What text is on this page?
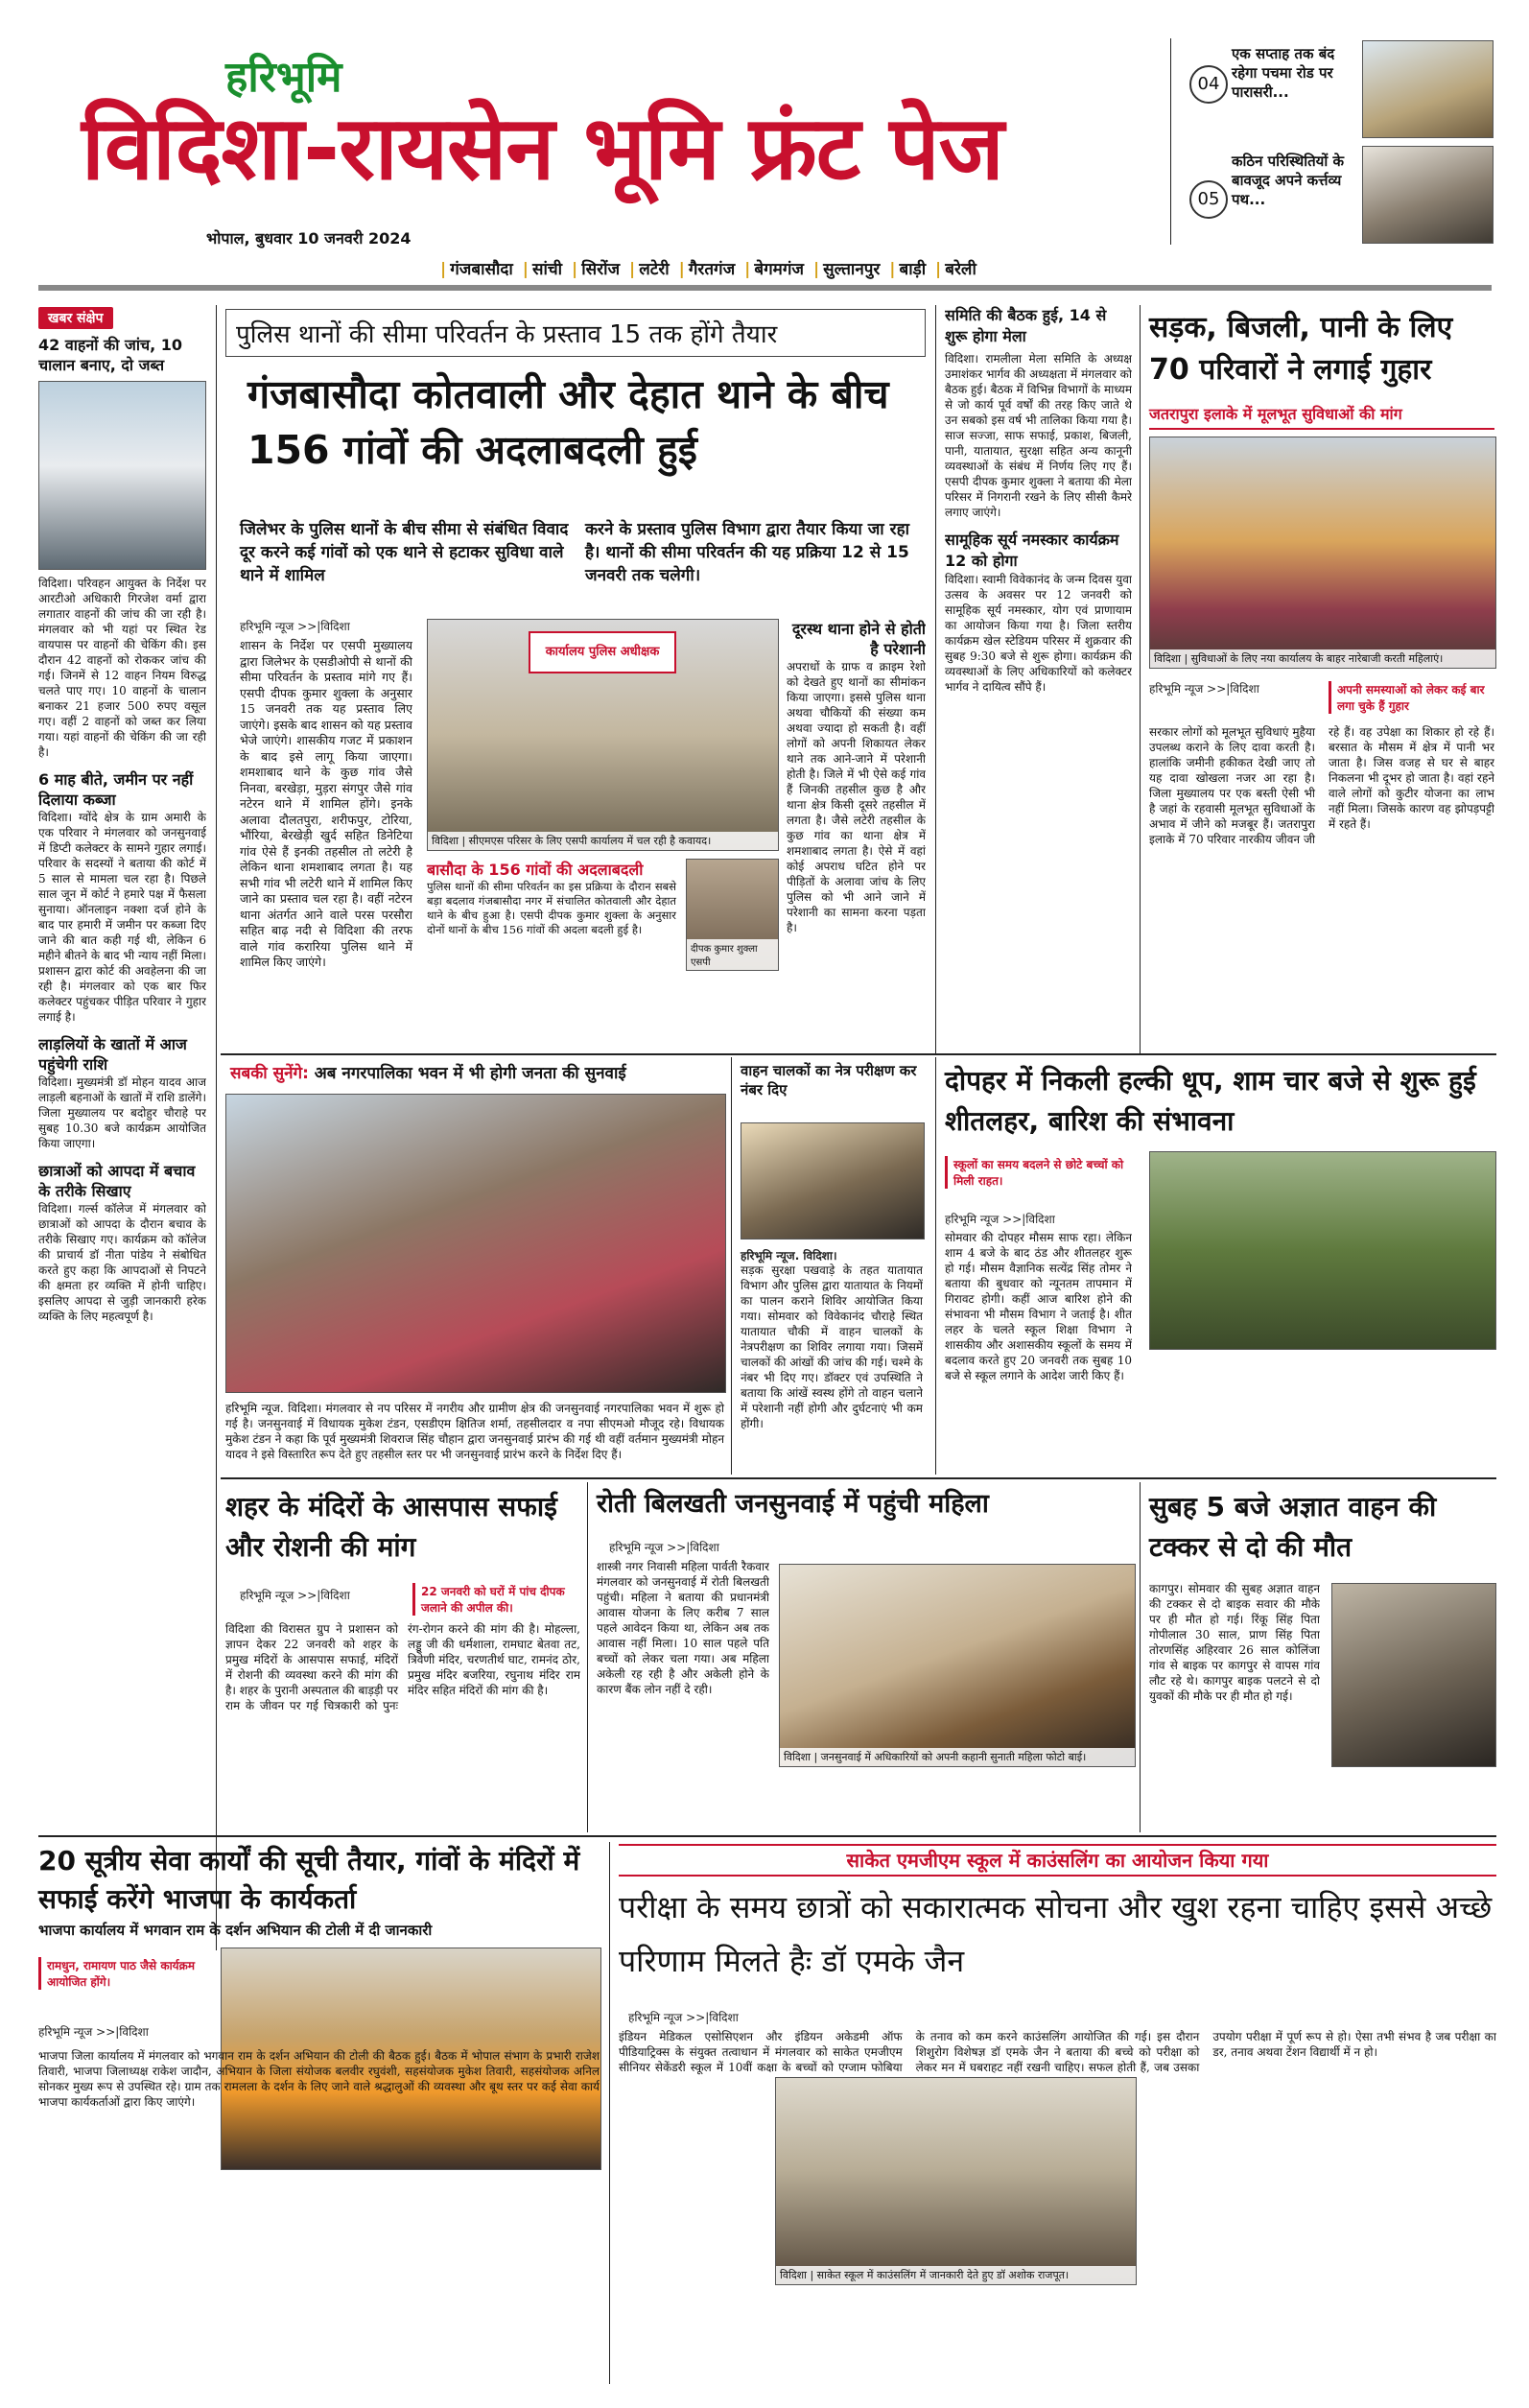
हरिभूमि
विदिशा-रायसेन भूमि फ्रंट पेज
भोपाल, बुधवार 10 जनवरी 2024
| गंजबासौदा | सांची | सिरोंज | लटेरी | गैरतगंज | बेगमगंज | सुल्तानपुर | बाड़ी | बरेली
04
एक सप्ताह तक बंद रहेगा पचमा रोड पर पारासरी...
05
कठिन परिस्थितियों के बावजूद अपने कर्त्तव्य पथ...
खबर संक्षेप
42 वाहनों की जांच, 10 चालान बनाए, दो जब्त
विदिशा। परिवहन आयुक्त के निर्देश पर आरटीओ अधिकारी गिरजेश वर्मा द्वारा लगातार वाहनों की जांच की जा रही है। मंगलवार को भी यहां पर स्थित रेड वायपास पर वाहनों की चेकिंग की। इस दौरान 42 वाहनों को रोककर जांच की गई। जिनमें से 12 वाहन नियम विरुद्ध चलते पाए गए। 10 वाहनों के चालान बनाकर 21 हजार 500 रुपए वसूल गए। वहीं 2 वाहनों को जब्त कर लिया गया। यहां वाहनों की चेकिंग की जा रही है।
6 माह बीते, जमीन पर नहीं दिलाया कब्जा
विदिशा। ग्वोंदे क्षेत्र के ग्राम अमारी के एक परिवार ने मंगलवार को जनसुनवाई में डिप्टी कलेक्टर के सामने गुहार लगाई। परिवार के सदस्यों ने बताया की कोर्ट में 5 साल से मामला चल रहा है। पिछले साल जून में कोर्ट ने हमारे पक्ष में फैसला सुनाया। ऑनलाइन नक्शा दर्ज होने के बाद पार हमारी में जमीन पर कब्जा दिए जाने की बात कही गई थी, लेकिन 6 महीने बीतने के बाद भी न्याय नहीं मिला। प्रशासन द्वारा कोर्ट की अवहेलना की जा रही है। मंगलवार को एक बार फिर कलेक्टर पहुंचकर पीड़ित परिवार ने गुहार लगाई है।
लाड़लियों के खातों में आज पहुंचेगी राशि
विदिशा। मुख्यमंत्री डॉ मोहन यादव आज लाड़ली बहनाओं के खातों में राशि डालेंगे। जिला मुख्यालय पर बदोहुर चौराहे पर सुबह 10.30 बजे कार्यक्रम आयोजित किया जाएगा।
छात्राओं को आपदा में बचाव के तरीके सिखाए
विदिशा। गर्ल्स कॉलेज में मंगलवार को छात्राओं को आपदा के दौरान बचाव के तरीके सिखाए गए। कार्यक्रम को कॉलेज की प्राचार्य डॉ नीता पांडेय ने संबोधित करते हुए कहा कि आपदाओं से निपटने की क्षमता हर व्यक्ति में होनी चाहिए। इसलिए आपदा से जुड़ी जानकारी हरेक व्यक्ति के लिए महत्वपूर्ण है।
पुलिस थानों की सीमा परिवर्तन के प्रस्ताव 15 तक होंगे तैयार
गंजबासौदा कोतवाली और देहात थाने के बीच 156 गांवों की अदलाबदली हुई
जिलेभर के पुलिस थानों के बीच सीमा से संबंधित विवाद दूर करने कई गांवों को एक थाने से हटाकर सुविधा वाले थाने में शामिल
करने के प्रस्ताव पुलिस विभाग द्वारा तैयार किया जा रहा है। थानों की सीमा परिवर्तन की यह प्रक्रिया 12 से 15 जनवरी तक चलेगी।
हरिभूमि न्यूज >>|विदिशा
शासन के निर्देश पर एसपी मुख्यालय द्वारा जिलेभर के एसडीओपी से थानों की सीमा परिवर्तन के प्रस्ताव मांगे गए हैं। एसपी दीपक कुमार शुक्ला के अनुसार 15 जनवरी तक यह प्रस्ताव लिए जाएंगे। इसके बाद शासन को यह प्रस्ताव भेजे जाएंगे। शासकीय गजट में प्रकाशन के बाद इसे लागू किया जाएगा। शमशाबाद थाने के कुछ गांव जैसे निनवा, बरखेड़ा, मुड़रा संगपुर जैसे गांव नटेरन थाने में शामिल होंगे। इनके अलावा दौलतपुरा, शरीफपुर, टोरिया, भौंरिया, बेरखेड़ी खुर्द सहित डिनेटिया गांव ऐसे हैं इनकी तहसील तो लटेरी है लेकिन थाना शमशाबाद लगता है। यह सभी गांव भी लटेरी थाने में शामिल किए जाने का प्रस्ताव चल रहा है। वहीं नटेरन थाना अंतर्गत आने वाले परस परसौरा सहित बाढ़ नदी से विदिशा की तरफ वाले गांव करारिया पुलिस थाने में शामिल किए जाएंगे।
कार्यालय पुलिस अधीक्षक
विदिशा | सीएमएस परिसर के लिए एसपी कार्यालय में चल रही है कवायद।
बासौदा के 156 गांवों की अदलाबदली
पुलिस थानों की सीमा परिवर्तन का इस प्रक्रिया के दौरान सबसे बड़ा बदलाव गंजबासौदा नगर में संचालित कोतवाली और देहात थाने के बीच हुआ है। एसपी दीपक कुमार शुक्ला के अनुसार दोनों थानों के बीच 156 गांवों की अदला बदली हुई है।
दीपक कुमार शुक्ला एसपी
दूरस्थ थाना होने से होती है परेशानी
अपराधों के ग्राफ व क्राइम रेशो को देखते हुए थानों का सीमांकन किया जाएगा। इससे पुलिस थाना अथवा चौकियों की संख्या कम अथवा ज्यादा हो सकती है। वहीं लोगों को अपनी शिकायत लेकर थाने तक आने-जाने में परेशानी होती है। जिले में भी ऐसे कई गांव हैं जिनकी तहसील कुछ है और थाना क्षेत्र किसी दूसरे तहसील में लगता है। जैसे लटेरी तहसील के कुछ गांव का थाना क्षेत्र में शमशाबाद लगता है। ऐसे में वहां कोई अपराध घटित होने पर पीड़ितों के अलावा जांच के लिए पुलिस को भी आने जाने में परेशानी का सामना करना पड़ता है।
समिति की बैठक हुई, 14 से शुरू होगा मेला
विदिशा। रामलीला मेला समिति के अध्यक्ष उमाशंकर भार्गव की अध्यक्षता में मंगलवार को बैठक हुई। बैठक में विभिन्न विभागों के माध्यम से जो कार्य पूर्व वर्षों की तरह किए जाते थे उन सबको इस वर्ष भी तालिका किया गया है। साज सज्जा, साफ सफाई, प्रकाश, बिजली, पानी, यातायात, सुरक्षा सहित अन्य कानूनी व्यवस्थाओं के संबंध में निर्णय लिए गए हैं। एसपी दीपक कुमार शुक्ला ने बताया की मेला परिसर में निगरानी रखने के लिए सीसी कैमरे लगाए जाएंगे।
सामूहिक सूर्य नमस्कार कार्यक्रम 12 को होगा
विदिशा। स्वामी विवेकानंद के जन्म दिवस युवा उत्सव के अवसर पर 12 जनवरी को सामूहिक सूर्य नमस्कार, योग एवं प्राणायाम का आयोजन किया गया है। जिला स्तरीय कार्यक्रम खेल स्टेडियम परिसर में शुक्रवार की सुबह 9:30 बजे से शुरू होगा। कार्यक्रम की व्यवस्थाओं के लिए अधिकारियों को कलेक्टर भार्गव ने दायित्व सौंपे हैं।
सड़क, बिजली, पानी के लिए 70 परिवारों ने लगाई गुहार
जतरापुरा इलाके में मूलभूत सुविधाओं की मांग
विदिशा | सुविधाओं के लिए नया कार्यालय के बाहर नारेबाजी करती महिलाएं।
हरिभूमि न्यूज >>|विदिशा	अपनी समस्याओं को लेकर कई बार लगा चुके हैं गुहार
सरकार लोगों को मूलभूत सुविधाएं मुहैया उपलब्ध कराने के लिए दावा करती है। हालांकि जमीनी हकीकत देखी जाए तो यह दावा खोखला नजर आ रहा है। जिला मुख्यालय पर एक बस्ती ऐसी भी है जहां के रहवासी मूलभूत सुविधाओं के अभाव में जीने को मजबूर हैं। जतरापुरा इलाके में 70 परिवार नारकीय जीवन जी रहे हैं। वह उपेक्षा का शिकार हो रहे हैं। बरसात के मौसम में क्षेत्र में पानी भर जाता है। जिस वजह से घर से बाहर निकलना भी दूभर हो जाता है। वहां रहने वाले लोगों को कुटीर योजना का लाभ नहीं मिला। जिसके कारण वह झोपड़पट्टी में रहते हैं।
सबकी सुनेंगे: अब नगरपालिका भवन में भी होगी जनता की सुनवाई
हरिभूमि न्यूज. विदिशा। मंगलवार से नप परिसर में नगरीय और ग्रामीण क्षेत्र की जनसुनवाई नगरपालिका भवन में शुरू हो गई है। जनसुनवाई में विधायक मुकेश टंडन, एसडीएम क्षितिज शर्मा, तहसीलदार व नपा सीएमओ मौजूद रहे। विधायक मुकेश टंडन ने कहा कि पूर्व मुख्यमंत्री शिवराज सिंह चौहान द्वारा जनसुनवाई प्रारंभ की गई थी वहीं वर्तमान मुख्यमंत्री मोहन यादव ने इसे विस्तारित रूप देते हुए तहसील स्तर पर भी जनसुनवाई प्रारंभ करने के निर्देश दिए हैं।
वाहन चालकों का नेत्र परीक्षण कर नंबर दिए
हरिभूमि न्यूज. विदिशा।
सड़क सुरक्षा पखवाड़े के तहत यातायात विभाग और पुलिस द्वारा यातायात के नियमों का पालन कराने शिविर आयोजित किया गया। सोमवार को विवेकानंद चौराहे स्थित यातायात चौकी में वाहन चालकों के नेत्रपरीक्षण का शिविर लगाया गया। जिसमें चालकों की आंखों की जांच की गई। चश्मे के नंबर भी दिए गए। डॉक्टर एवं उपस्थिति ने बताया कि आंखें स्वस्थ होंगे तो वाहन चलाने में परेशानी नहीं होगी और दुर्घटनाएं भी कम होंगी।
दोपहर में निकली हल्की धूप, शाम चार बजे से शुरू हुई शीतलहर, बारिश की संभावना
स्कूलों का समय बदलने से छोटे बच्चों को मिली राहत।
हरिभूमि न्यूज >>|विदिशा
सोमवार की दोपहर मौसम साफ रहा। लेकिन शाम 4 बजे के बाद ठंड और शीतलहर शुरू हो गई। मौसम वैज्ञानिक सत्येंद्र सिंह तोमर ने बताया की बुधवार को न्यूनतम तापमान में गिरावट होगी। कहीं आज बारिश होने की संभावना भी मौसम विभाग ने जताई है। शीत लहर के चलते स्कूल शिक्षा विभाग ने शासकीय और अशासकीय स्कूलों के समय में बदलाव करते हुए 20 जनवरी तक सुबह 10 बजे से स्कूल लगाने के आदेश जारी किए हैं।
शहर के मंदिरों के आसपास सफाई और रोशनी की मांग
हरिभूमि न्यूज >>|विदिशा	22 जनवरी को घरों में पांच दीपक जलाने की अपील की।
विदिशा की विरासत ग्रुप ने प्रशासन को ज्ञापन देकर 22 जनवरी को शहर के प्रमुख मंदिरों के आसपास सफाई, मंदिरों में रोशनी की व्यवस्था करने की मांग की है। शहर के पुरानी अस्पताल की बाड़ड़ी पर राम के जीवन पर गई चित्रकारी को पुनः रंग-रोगन करने की मांग की है। मोहल्ला, लड्डू जी की धर्मशाला, रामघाट बेतवा तट, त्रिवेणी मंदिर, चरणतीर्थ घाट, रामनंद ठोर, प्रमुख मंदिर बजरिया, रघुनाथ मंदिर राम मंदिर सहित मंदिरों की मांग की है।
रोती बिलखती जनसुनवाई में पहुंची महिला
हरिभूमि न्यूज >>|विदिशा
शास्त्री नगर निवासी महिला पार्वती रैकवार मंगलवार को जनसुनवाई में रोती बिलखती पहुंची। महिला ने बताया की प्रधानमंत्री आवास योजना के लिए करीब 7 साल पहले आवेदन किया था, लेकिन अब तक आवास नहीं मिला। 10 साल पहले पति बच्चों को लेकर चला गया। अब महिला अकेली रह रही है और अकेली होने के कारण बैंक लोन नहीं दे रही।
विदिशा | जनसुनवाई में अधिकारियों को अपनी कहानी सुनाती महिला फोटो बाई।
सुबह 5 बजे अज्ञात वाहन की टक्कर से दो की मौत
कागपुर। सोमवार की सुबह अज्ञात वाहन की टक्कर से दो बाइक सवार की मौके पर ही मौत हो गई। रिंकू सिंह पिता गोपीलाल 30 साल, प्राण सिंह पिता तोरणसिंह अहिरवार 26 साल कोलिंजा गांव से बाइक पर कागपुर से वापस गांव लौट रहे थे। कागपुर बाइक पलटने से दो युवकों की मौके पर ही मौत हो गई।
20 सूत्रीय सेवा कार्यों की सूची तैयार, गांवों के मंदिरों में सफाई करेंगे भाजपा के कार्यकर्ता
भाजपा कार्यालय में भगवान राम के दर्शन अभियान की टोली में दी जानकारी
रामधुन, रामायण पाठ जैसे कार्यक्रम आयोजित होंगे।
हरिभूमि न्यूज >>|विदिशा
भाजपा जिला कार्यालय में मंगलवार को भगवान राम के दर्शन अभियान की टोली की बैठक हुई। बैठक में भोपाल संभाग के प्रभारी राजेश तिवारी, भाजपा जिलाध्यक्ष राकेश जादौन, अभियान के जिला संयोजक बलवीर रघुवंशी, सहसंयोजक मुकेश तिवारी, सहसंयोजक अनिल सोनकर मुख्य रूप से उपस्थित रहे। ग्राम तक रामलला के दर्शन के लिए जाने वाले श्रद्धालुओं की व्यवस्था और बूथ स्तर पर कई सेवा कार्य भाजपा कार्यकर्ताओं द्वारा किए जाएंगे।
साकेत एमजीएम स्कूल में काउंसलिंग का आयोजन किया गया
परीक्षा के समय छात्रों को सकारात्मक सोचना और खुश रहना चाहिए इससे अच्छे परिणाम मिलते हैः डॉ एमके जैन
हरिभूमि न्यूज >>|विदिशा
इंडियन मेडिकल एसोसिएशन और इंडियन अकेडमी ऑफ पीडियाट्रिक्स के संयुक्त तत्वाधान में मंगलवार को साकेत एमजीएम सीनियर सेकेंडरी स्कूल में 10वीं कक्षा के बच्चों को एग्जाम फोबिया के तनाव को कम करने काउंसलिंग आयोजित की गई। इस दौरान शिशुरोग विशेषज्ञ डॉ एमके जैन ने बताया की बच्चे को परीक्षा को लेकर मन में घबराहट नहीं रखनी चाहिए। सफल होती हैं, जब उसका उपयोग परीक्षा में पूर्ण रूप से हो। ऐसा तभी संभव है जब परीक्षा का डर, तनाव अथवा टेंशन विद्यार्थी में न हो।
विदिशा | साकेत स्कूल में काउंसलिंग में जानकारी देते हुए डॉ अशोक राजपूत।
